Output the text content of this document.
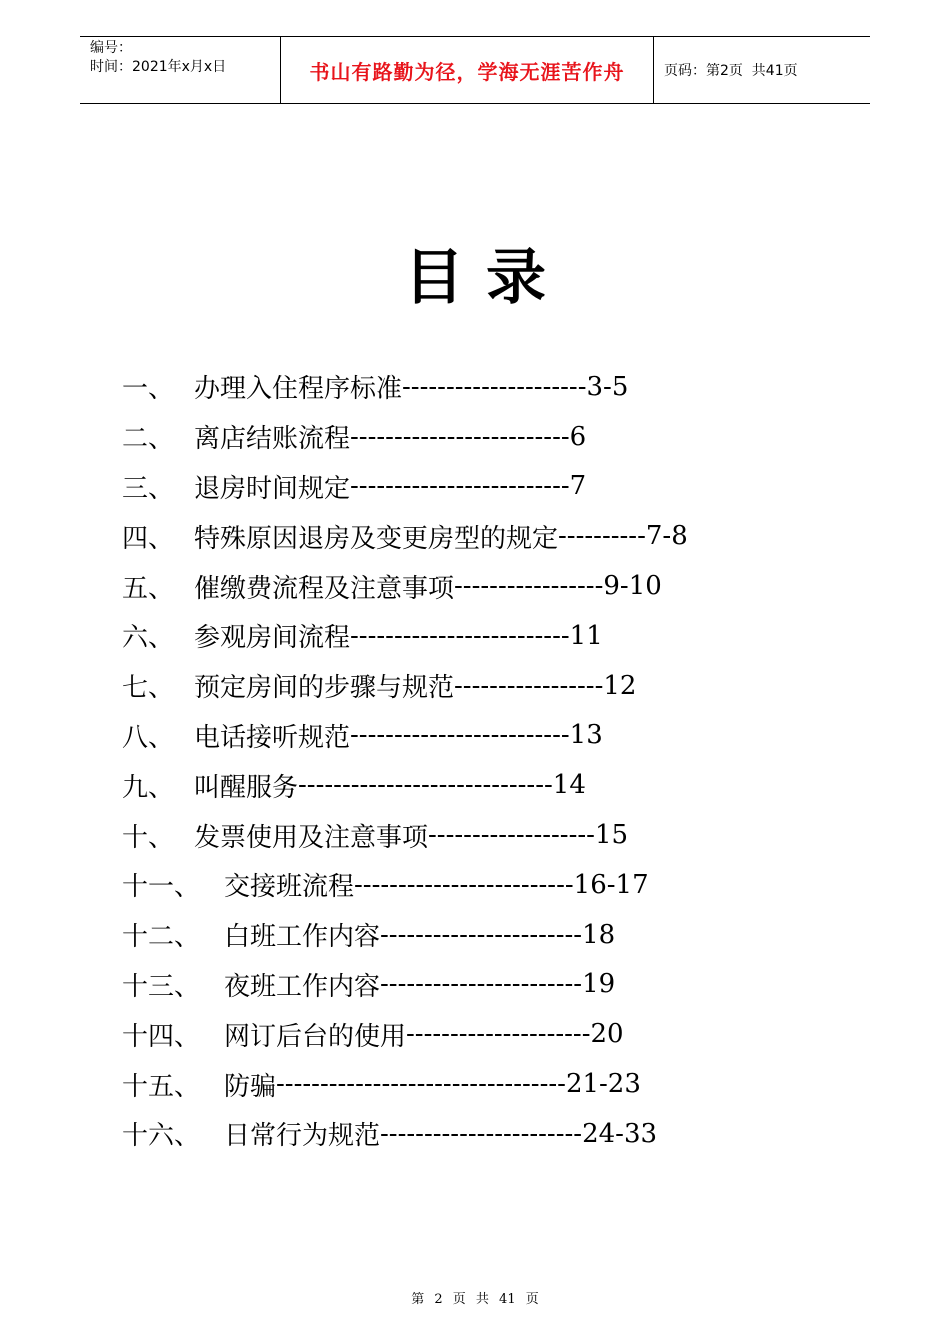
编号：
时间：2021年x月x日	书山有路勤为径，学海无涯苦作舟	页码：第2页  共41页
目录
一、 办理入住程序标准 --------------------- 3-5
二、 离店结账流程 ------------------------- 6
三、 退房时间规定 ------------------------- 7
四、 特殊原因退房及变更房型的规定 ---------- 7-8
五、 催缴费流程及注意事项 ----------------- 9-10
六、 参观房间流程 ------------------------- 11
七、 预定房间的步骤与规范 ----------------- 12
八、 电话接听规范 ------------------------- 13
九、 叫醒服务 ----------------------------- 14
十、 发票使用及注意事项 ------------------- 15
十一、 交接班流程 ------------------------- 16-17
十二、 白班工作内容 ----------------------- 18
十三、 夜班工作内容 ----------------------- 19
十四、 网订后台的使用 --------------------- 20
十五、 防骗 --------------------------------- 21-23
十六、 日常行为规范 ----------------------- 24-33
第 2 页 共 41 页
